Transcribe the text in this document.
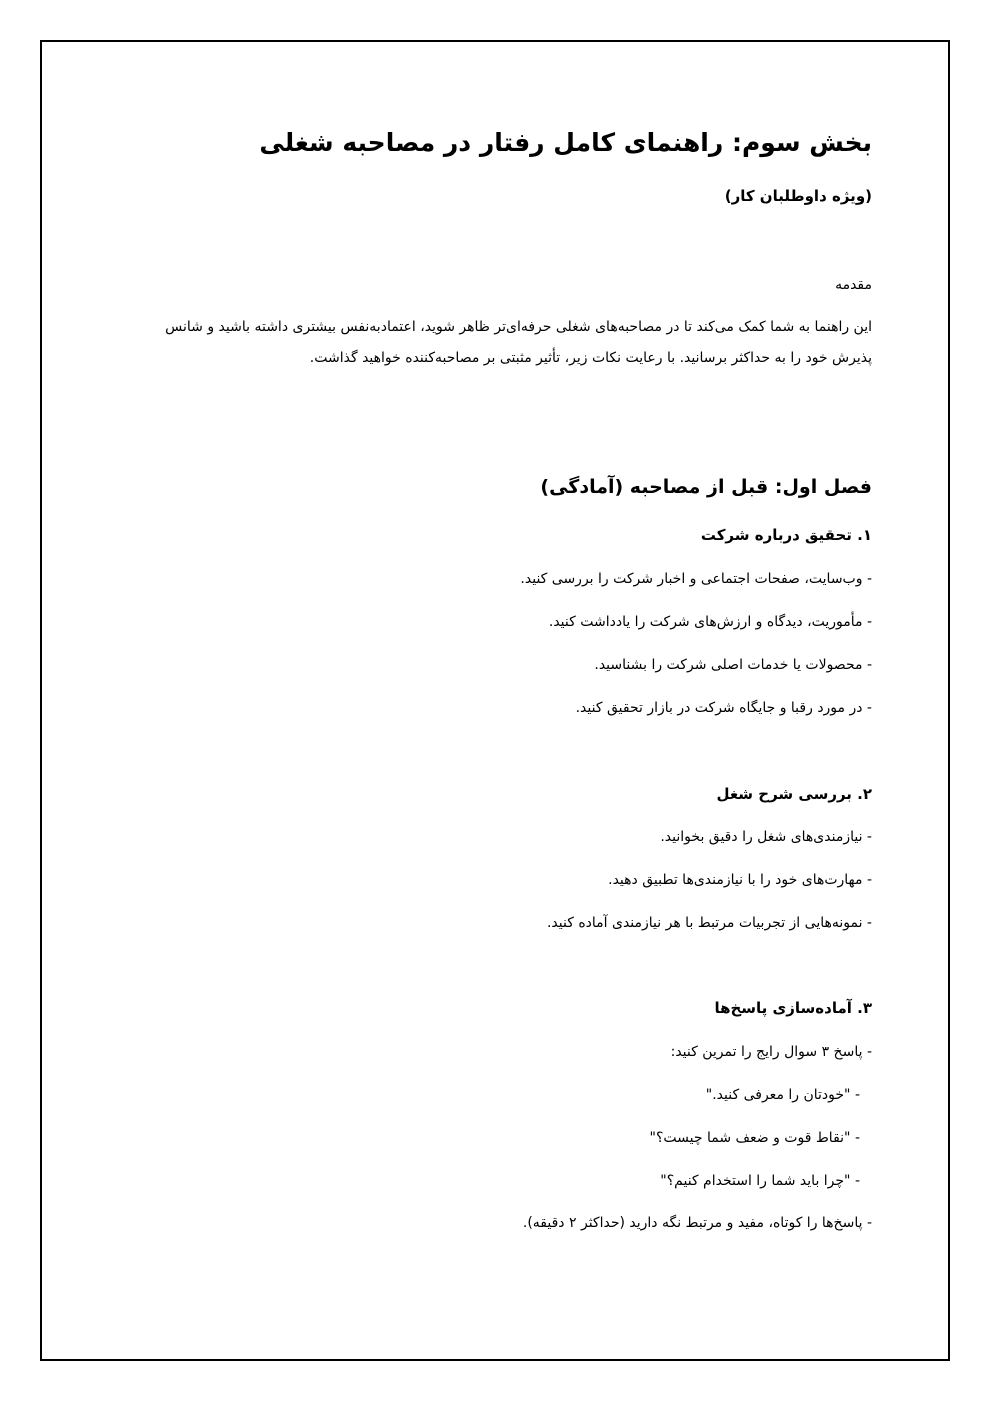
بخش سوم: راهنمای کامل رفتار در مصاحبه شغلی
(ویژه داوطلبان کار)
مقدمه
این راهنما به شما کمک می‌کند تا در مصاحبه‌های شغلی حرفه‌ای‌تر ظاهر شوید، اعتمادبه‌نفس بیشتری داشته باشید و شانس پذیرش خود را به حداکثر برسانید. با رعایت نکات زیر، تأثیر مثبتی بر مصاحبه‌کننده خواهید گذاشت.
فصل اول: قبل از مصاحبه (آمادگی)
۱. تحقیق درباره شرکت
- وب‌سایت، صفحات اجتماعی و اخبار شرکت را بررسی کنید.
- مأموریت، دیدگاه و ارزش‌های شرکت را یادداشت کنید.
- محصولات یا خدمات اصلی شرکت را بشناسید.
- در مورد رقبا و جایگاه شرکت در بازار تحقیق کنید.
۲. بررسی شرح شغل
- نیازمندی‌های شغل را دقیق بخوانید.
- مهارت‌های خود را با نیازمندی‌ها تطبیق دهید.
- نمونه‌هایی از تجربیات مرتبط با هر نیازمندی آماده کنید.
۳. آماده‌سازی پاسخ‌ها
- پاسخ ۳ سوال رایج را تمرین کنید:
- "خودتان را معرفی کنید."
- "نقاط قوت و ضعف شما چیست؟"
- "چرا باید شما را استخدام کنیم؟"
- پاسخ‌ها را کوتاه، مفید و مرتبط نگه دارید (حداکثر ۲ دقیقه).
